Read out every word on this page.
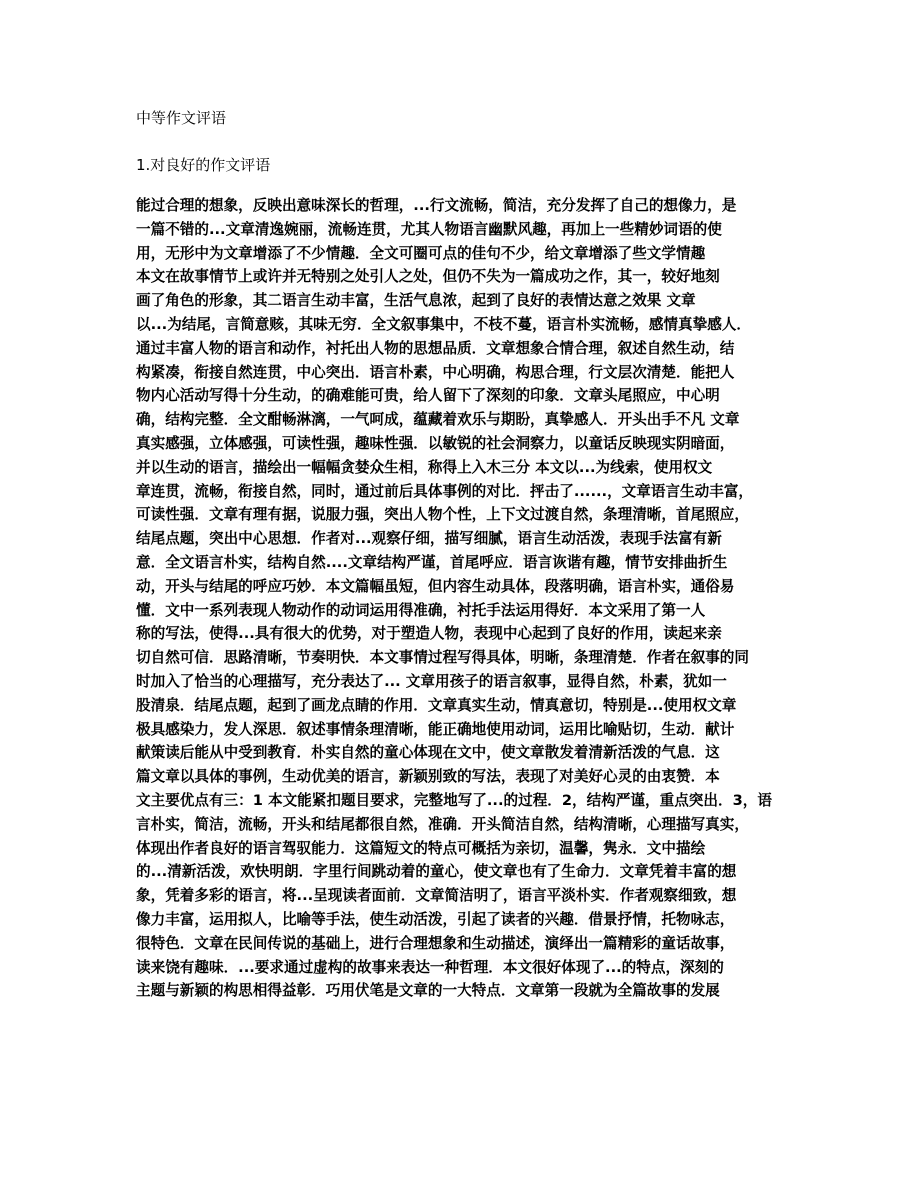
中等作文评语
1.对良好的作文评语
能过合理的想象，反映出意味深长的哲理，...行文流畅，简洁，充分发挥了自己的想像力，是
一篇不错的...文章清逸婉丽，流畅连贯，尤其人物语言幽默风趣，再加上一些精妙词语的使
用，无形中为文章增添了不少情趣．全文可圈可点的佳句不少，给文章增添了些文学情趣
本文在故事情节上或许并无特别之处引人之处，但仍不失为一篇成功之作，其一，较好地刻
画了角色的形象，其二语言生动丰富，生活气息浓，起到了良好的表情达意之效果 文章
以...为结尾，言简意赅，其味无穷．全文叙事集中，不枝不蔓，语言朴实流畅，感情真挚感人．
通过丰富人物的语言和动作，衬托出人物的思想品质．文章想象合情合理，叙述自然生动，结
构紧凑，衔接自然连贯，中心突出．语言朴素，中心明确，构思合理，行文层次清楚．能把人
物内心活动写得十分生动，的确难能可贵，给人留下了深刻的印象．文章头尾照应，中心明
确，结构完整．全文酣畅淋漓，一气呵成，蕴藏着欢乐与期盼，真挚感人．开头出手不凡 文章
真实感强，立体感强，可读性强，趣味性强．以敏锐的社会洞察力，以童话反映现实阴暗面，
并以生动的语言，描绘出一幅幅贪婪众生相，称得上入木三分 本文以...为线索，使用权文
章连贯，流畅，衔接自然，同时，通过前后具体事例的对比．抨击了......，文章语言生动丰富，
可读性强．文章有理有据，说服力强，突出人物个性，上下文过渡自然，条理清晰，首尾照应，
结尾点题，突出中心思想．作者对...观察仔细，描写细腻，语言生动活泼，表现手法富有新
意．全文语言朴实，结构自然....文章结构严谨，首尾呼应．语言诙谐有趣，情节安排曲折生
动，开头与结尾的呼应巧妙．本文篇幅虽短，但内容生动具体，段落明确，语言朴实，通俗易
懂．文中一系列表现人物动作的动词运用得准确，衬托手法运用得好．本文采用了第一人
称的写法，使得...具有很大的优势，对于塑造人物，表现中心起到了良好的作用，读起来亲
切自然可信．思路清晰，节奏明快．本文事情过程写得具体，明晰，条理清楚．作者在叙事的同
时加入了恰当的心理描写，充分表达了... 文章用孩子的语言叙事，显得自然，朴素，犹如一
股清泉．结尾点题，起到了画龙点睛的作用．文章真实生动，情真意切，特别是...使用权文章
极具感染力，发人深思．叙述事情条理清晰，能正确地使用动词，运用比喻贴切，生动．献计
献策读后能从中受到教育．朴实自然的童心体现在文中，使文章散发着清新活泼的气息．这
篇文章以具体的事例，生动优美的语言，新颖别致的写法，表现了对美好心灵的由衷赞．本
文主要优点有三：1 本文能紧扣题目要求，完整地写了...的过程．2，结构严谨，重点突出．3，语
言朴实，简洁，流畅，开头和结尾都很自然，准确．开头简洁自然，结构清晰，心理描写真实，
体现出作者良好的语言驾驭能力．这篇短文的特点可概括为亲切，温馨，隽永．文中描绘
的...清新活泼，欢快明朗．字里行间跳动着的童心，使文章也有了生命力．文章凭着丰富的想
象，凭着多彩的语言，将...呈现读者面前．文章简洁明了，语言平淡朴实．作者观察细致，想
像力丰富，运用拟人，比喻等手法，使生动活泼，引起了读者的兴趣．借景抒情，托物咏志，
很特色．文章在民间传说的基础上，进行合理想象和生动描述，演绎出一篇精彩的童话故事，
读来饶有趣味．...要求通过虚构的故事来表达一种哲理．本文很好体现了...的特点，深刻的
主题与新颖的构思相得益彰．巧用伏笔是文章的一大特点．文章第一段就为全篇故事的发展
